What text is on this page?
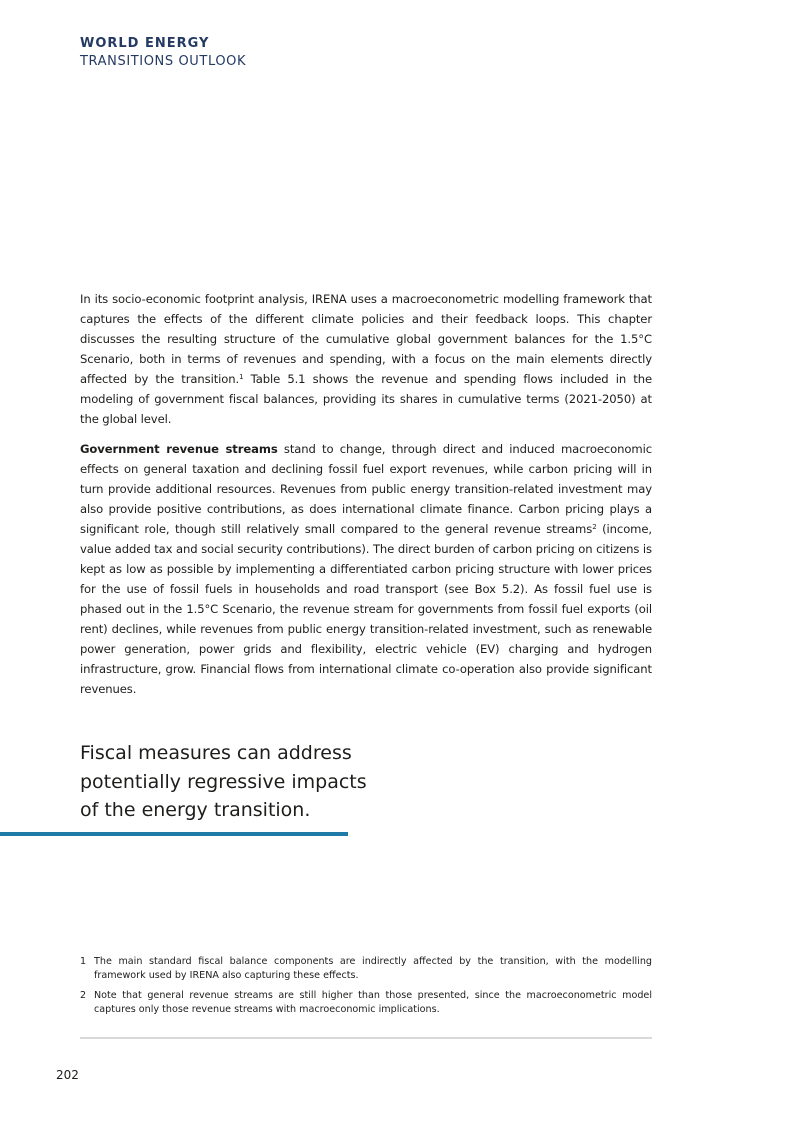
WORLD ENERGY
TRANSITIONS OUTLOOK

In its socio-economic footprint analysis, IRENA uses a macroeconometric modelling framework that captures the effects of the different climate policies and their feedback loops. This chapter discusses the resulting structure of the cumulative global government balances for the 1.5°C Scenario, both in terms of revenues and spending, with a focus on the main elements directly affected by the transition.$^1$ Table 5.1 shows the revenue and spending flows included in the modeling of government fiscal balances, providing its shares in cumulative terms (2021-2050) at the global level.

Government revenue streams stand to change, through direct and induced macroeconomic effects on general taxation and declining fossil fuel export revenues, while carbon pricing will in turn provide additional resources. Revenues from public energy transition-related investment may also provide positive contributions, as does international climate finance. Carbon pricing plays a significant role, though still relatively small compared to the general revenue streams$^2$ (income, value added tax and social security contributions). The direct burden of carbon pricing on citizens is kept as low as possible by implementing a differentiated carbon pricing structure with lower prices for the use of fossil fuels in households and road transport (see Box 5.2). As fossil fuel use is phased out in the 1.5°C Scenario, the revenue stream for governments from fossil fuel exports (oil rent) declines, while revenues from public energy transition-related investment, such as renewable power generation, power grids and flexibility, electric vehicle (EV) charging and hydrogen infrastructure, grow. Financial flows from international climate co-operation also provide significant revenues.

Fiscal measures can address potentially regressive impacts of the energy transition.
1 The main standard fiscal balance components are indirectly affected by the transition, with the modelling framework used by IRENA also capturing these effects.
2 Note that general revenue streams are still higher than those presented, since the macroeconometric model captures only those revenue streams with macroeconomic implications.
202
